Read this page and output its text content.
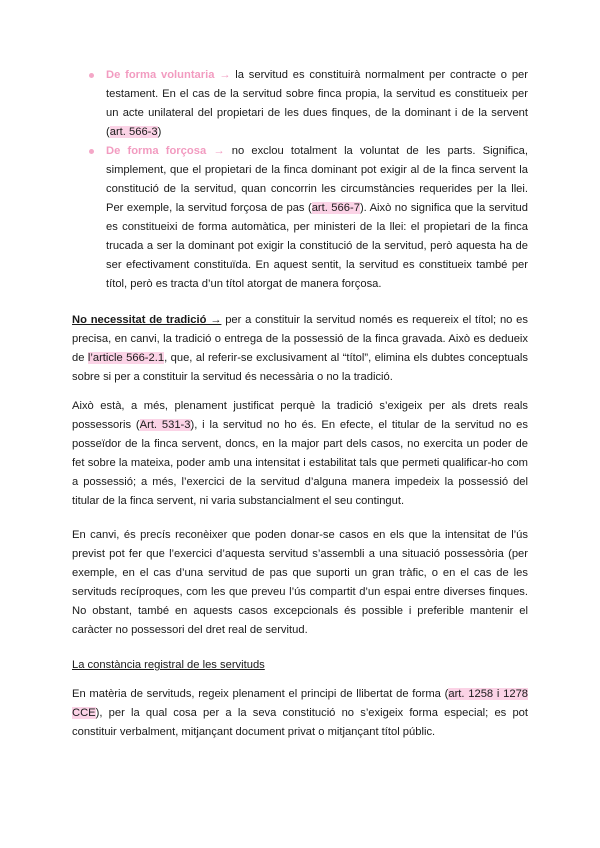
De forma voluntaria → la servitud es constituirà normalment per contracte o per testament. En el cas de la servitud sobre finca propia, la servitud es constitueix per un acte unilateral del propietari de les dues finques, de la dominant i de la servent (art. 566-3)
De forma forçosa → no exclou totalment la voluntat de les parts. Significa, simplement, que el propietari de la finca dominant pot exigir al de la finca servent la constitució de la servitud, quan concorrin les circumstàncies requerides per la llei. Per exemple, la servitud forçosa de pas (art. 566-7). Això no significa que la servitud es constitueixi de forma automàtica, per ministeri de la llei: el propietari de la finca trucada a ser la dominant pot exigir la constitució de la servitud, però aquesta ha de ser efectivament constituïda. En aquest sentit, la servitud es constitueix també per títol, però es tracta d’un títol atorgat de manera forçosa.

No necessitat de tradició → per a constituir la servitud només es requereix el títol; no es precisa, en canvi, la tradició o entrega de la possessió de la finca gravada. Això es dedueix de l’article 566-2.1, que, al referir-se exclusivament al “títol”, elimina els dubtes conceptuals sobre si per a constituir la servitud és necessària o no la tradició.

Això està, a més, plenament justificat perquè la tradició s’exigeix per als drets reals possessoris (Art. 531-3), i la servitud no ho és. En efecte, el titular de la servitud no es posseïdor de la finca servent, doncs, en la major part dels casos, no exercita un poder de fet sobre la mateixa, poder amb una intensitat i estabilitat tals que permeti qualificar-ho com a possessió; a més, l’exercici de la servitud d’alguna manera impedeix la possessió del titular de la finca servent, ni varia substancialment el seu contingut.

En canvi, és precís reconèixer que poden donar-se casos en els que la intensitat de l’ús previst pot fer que l’exercici d’aquesta servitud s’assembli a una situació possessòria (per exemple, en el cas d’una servitud de pas que suporti un gran tràfic, o en el cas de les servituds recíproques, com les que preveu l’ús compartit d’un espai entre diverses finques. No obstant, també en aquests casos excepcionals és possible i preferible mantenir el caràcter no possessori del dret real de servitud.

La constància registral de les servituds

En matèria de servituds, regeix plenament el principi de llibertat de forma (art. 1258 i 1278 CCE), per la qual cosa per a la seva constitució no s’exigeix forma especial; es pot constituir verbalment, mitjançant document privat o mitjançant títol públic.
